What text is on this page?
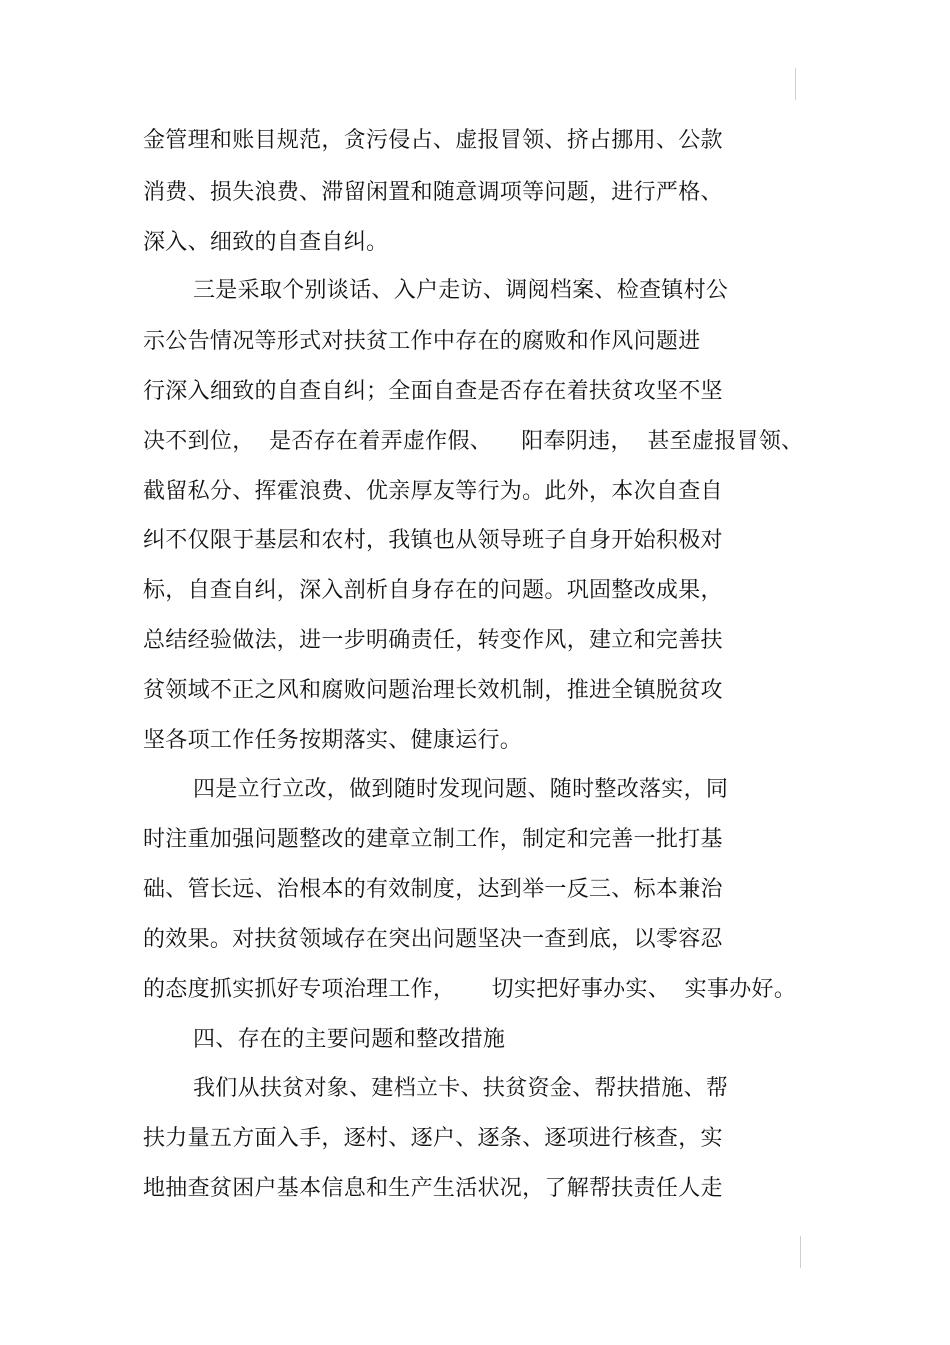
金管理和账目规范，贪污侵占、虚报冒领、挤占挪用、公款
消费、损失浪费、滞留闲置和随意调项等问题，进行严格、
深入、细致的自查自纠。
三是采取个别谈话、入户走访、调阅档案、检查镇村公
示公告情况等形式对扶贫工作中存在的腐败和作风问题进
行深入细致的自查自纠；全面自查是否存在着扶贫攻坚不坚
决不到位，  是否存在着弄虚作假、    阳奉阴违，  甚至虚报冒领、
截留私分、挥霍浪费、优亲厚友等行为。此外，本次自查自
纠不仅限于基层和农村，我镇也从领导班子自身开始积极对
标，自查自纠，深入剖析自身存在的问题。巩固整改成果，
总结经验做法，进一步明确责任，转变作风，建立和完善扶
贫领域不正之风和腐败问题治理长效机制，推进全镇脱贫攻
坚各项工作任务按期落实、健康运行。
四是立行立改，做到随时发现问题、随时整改落实，同
时注重加强问题整改的建章立制工作，制定和完善一批打基
础、管长远、治根本的有效制度，达到举一反三、标本兼治
的效果。对扶贫领域存在突出问题坚决一查到底，以零容忍
的态度抓实抓好专项治理工作，     切实把好事办实、  实事办好。
四、存在的主要问题和整改措施
我们从扶贫对象、建档立卡、扶贫资金、帮扶措施、帮
扶力量五方面入手，逐村、逐户、逐条、逐项进行核查，实
地抽查贫困户基本信息和生产生活状况，了解帮扶责任人走
